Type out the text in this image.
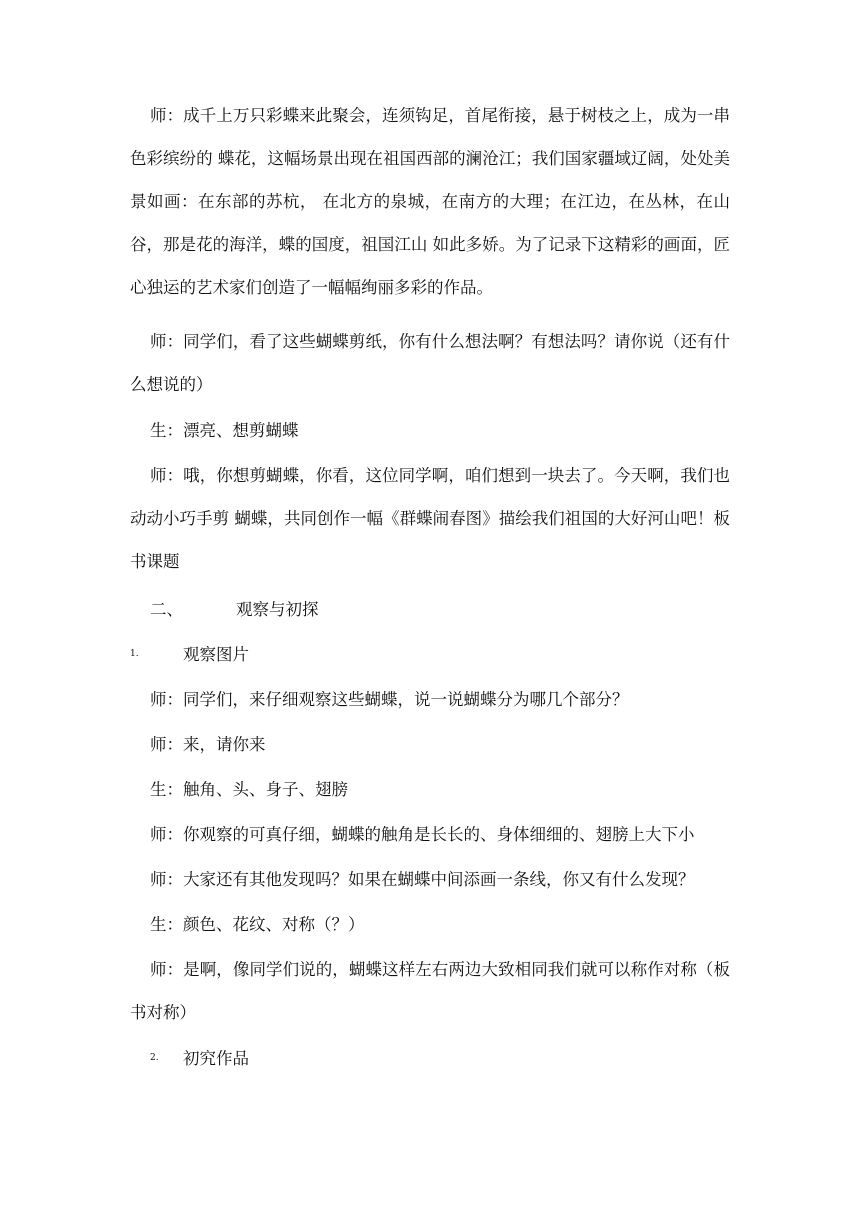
师：成千上万只彩蝶来此聚会，连须钩足，首尾衔接，悬于树枝之上，成为一串色彩缤纷的 蝶花，这幅场景出现在祖国西部的澜沧江；我们国家疆域辽阔，处处美景如画：在东部的苏杭， 在北方的泉城，在南方的大理；在江边，在丛林，在山谷，那是花的海洋，蝶的国度，祖国江山 如此多娇。为了记录下这精彩的画面，匠心独运的艺术家们创造了一幅幅绚丽多彩的作品。

师：同学们，看了这些蝴蝶剪纸，你有什么想法啊？有想法吗？请你说（还有什么想说的）

生：漂亮、想剪蝴蝶

师：哦，你想剪蝴蝶，你看，这位同学啊，咱们想到一块去了。今天啊，我们也动动小巧手剪 蝴蝶，共同创作一幅《群蝶闹春图》描绘我们祖国的大好河山吧！板书课题

二、	观察与初探
1.	观察图片

师：同学们，来仔细观察这些蝴蝶，说一说蝴蝶分为哪几个部分？

师：来，请你来

生：触角、头、身子、翅膀

师：你观察的可真仔细，蝴蝶的触角是长长的、身体细细的、翅膀上大下小

师：大家还有其他发现吗？如果在蝴蝶中间添画一条线，你又有什么发现？

生：颜色、花纹、对称（？）

师：是啊，像同学们说的，蝴蝶这样左右两边大致相同我们就可以称作对称（板书对称）

2. 初究作品
